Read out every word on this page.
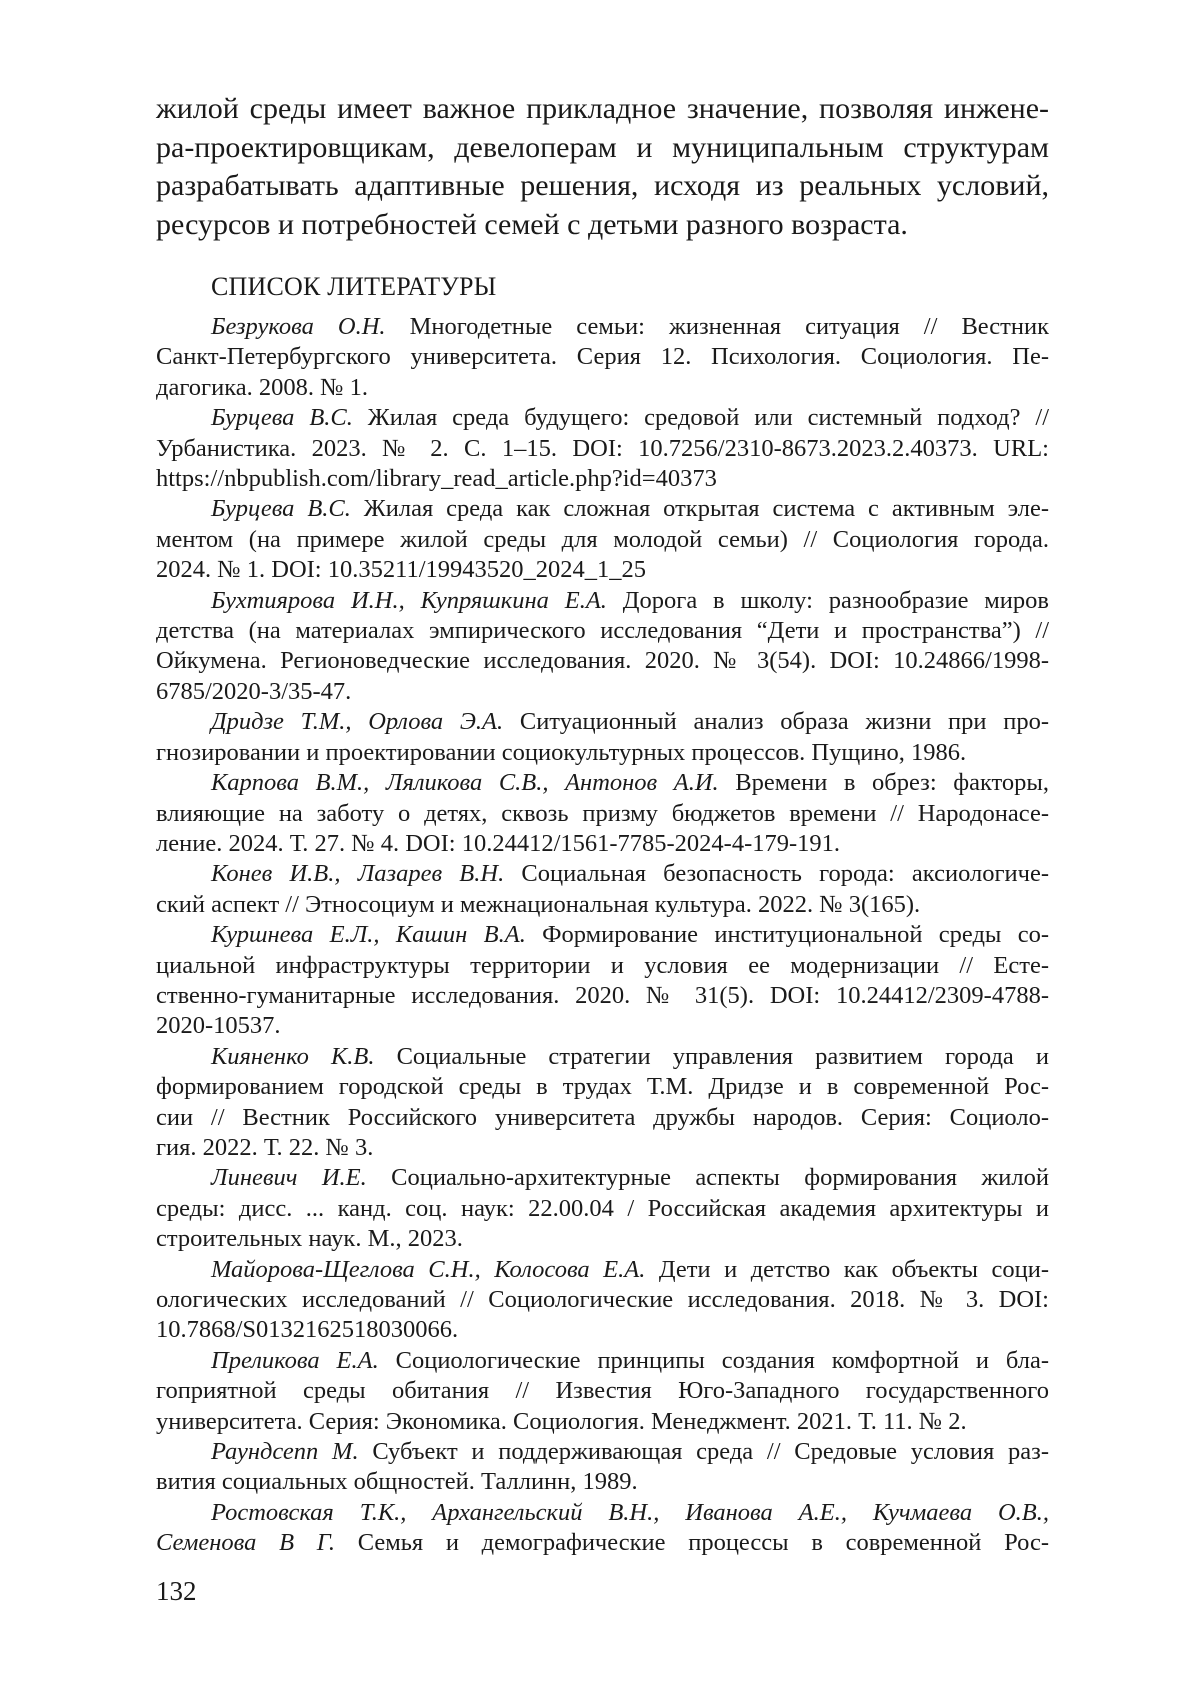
жилой среды имеет важное прикладное значение, позволяя инжене-
ра-проектировщикам, девелоперам и муниципальным структурам
разрабатывать адаптивные решения, исходя из реальных условий,
ресурсов и потребностей семей с детьми разного возраста.
СПИСОК ЛИТЕРАТУРЫ

Безрукова О.Н. Многодетные семьи: жизненная ситуация // Вестник
Санкт-Петербургского университета. Серия 12. Психология. Социология. Пе-
дагогика. 2008. № 1.

Бурцева В.С. Жилая среда будущего: средовой или системный подход? //
Урбанистика. 2023. № 2. С. 1–15. DOI: 10.7256/2310-8673.2023.2.40373. URL:
https://nbpublish.com/library_read_article.php?id=40373

Бурцева В.С. Жилая среда как сложная открытая система с активным эле-
ментом (на примере жилой среды для молодой семьи) // Социология города.
2024. № 1. DOI: 10.35211/19943520_2024_1_25

Бухтиярова И.Н., Купряшкина Е.А. Дорога в школу: разнообразие миров
детства (на материалах эмпирического исследования “Дети и пространства”) //
Ойкумена. Регионоведческие исследования. 2020. № 3(54). DOI: 10.24866/1998-
6785/2020-3/35-47.

Дридзе Т.М., Орлова Э.А. Ситуационный анализ образа жизни при про-
гнозировании и проектировании социокультурных процессов. Пущино, 1986.

Карпова В.М., Ляликова С.В., Антонов А.И. Времени в обрез: факторы,
влияющие на заботу о детях, сквозь призму бюджетов времени // Народонасе-
ление. 2024. Т. 27. № 4. DOI: 10.24412/1561-7785-2024-4-179-191.

Конев И.В., Лазарев В.Н. Социальная безопасность города: аксиологиче-
ский аспект // Этносоциум и межнациональная культура. 2022. № 3(165).

Куршнева Е.Л., Кашин В.А. Формирование институциональной среды со-
циальной инфраструктуры территории и условия ее модернизации // Есте-
ственно-гуманитарные исследования. 2020. № 31(5). DOI: 10.24412/2309-4788-
2020-10537.

Кияненко К.В. Социальные стратегии управления развитием города и
формированием городской среды в трудах Т.М. Дридзе и в современной Рос-
сии // Вестник Российского университета дружбы народов. Серия: Социоло-
гия. 2022. Т. 22. № 3.

Линевич И.Е. Социально-архитектурные аспекты формирования жилой
среды: дисс. ... канд. соц. наук: 22.00.04 / Российская академия архитектуры и
строительных наук. М., 2023.

Майорова-Щеглова С.Н., Колосова Е.А. Дети и детство как объекты соци-
ологических исследований // Социологические исследования. 2018. № 3. DOI:
10.7868/S0132162518030066.

Преликова Е.А. Социологические принципы создания комфортной и бла-
гоприятной среды обитания // Известия Юго-Западного государственного
университета. Серия: Экономика. Социология. Менеджмент. 2021. Т. 11. № 2.

Раундсепп М. Субъект и поддерживающая среда // Средовые условия раз-
вития социальных общностей. Таллинн, 1989.

Ростовская Т.К., Архангельский В.Н., Иванова А.Е., Кучмаева О.В.,
Семенова В Г. Семья и демографические процессы в современной Рос-

132
